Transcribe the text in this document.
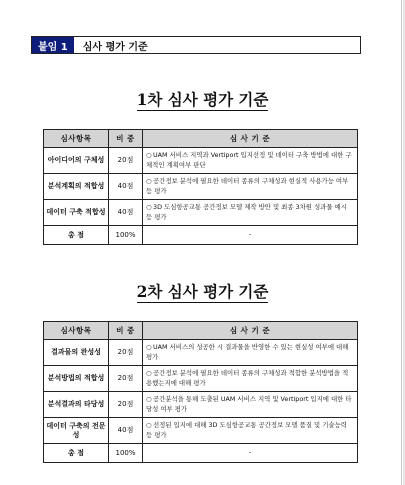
붙임 1	심사 평가 기준
1차 심사 평가 기준
심사항목	비 중	심 사 기 준
아이디어의 구체성	20점	○UAM 서비스 지역과 Vertiport 입지선정 및 데이터 구축 방법에 대한 구체적인 계획여부 판단
분석계획의 적합성	40점	○공간정보 분석에 필요한 데이터 종류의 구체성과 현실적 사용가능 여부 등 평가
데이터 구축 적합성	40점	○3D 도심항공교통 공간정보 모델 제작 방안 및 최종 3차원 성과물 예시 등 평가
총 점	100%	-
2차 심사 평가 기준
심사항목	비 중	심 사 기 준
결과물의 완성성	20점	○UAM 서비스의 성공한 시 결과물을 반영한 수 있는 현실성 여부에 대해 평가
분석방법의 적합성	20점	○공간정보 분석에 필요한 데이터 종류의 구체성과 적합한 분석방법을 적용했는지에 대해 평가
분석결과의 타당성	20점	○공간분석을 통해 도출된 UAM 서비스 지역 및 Vertiport 입지에 대한 타당성 여부 평가
데이터 구축의 전문성	40점	○선정된 입지에 대해 3D 도심항공교통 공간정보 모델 품질 및 기술능력 등 평가
총 점	100%	-
